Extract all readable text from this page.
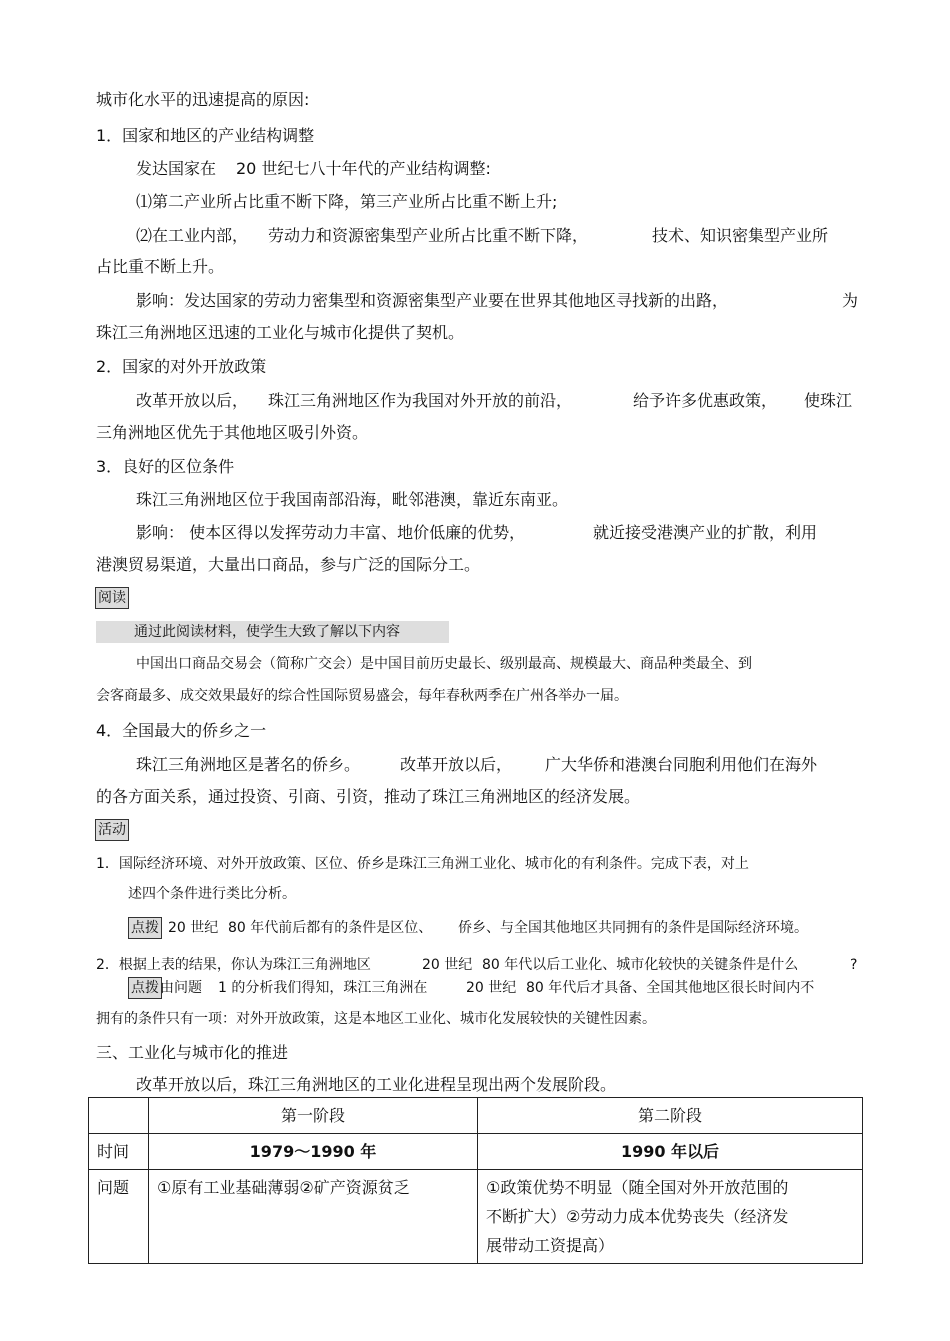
城市化水平的迅速提高的原因:
1．国家和地区的产业结构调整
发达国家在 20 世纪七八十年代的产业结构调整:
⑴第二产业所占比重不断下降，第三产业所占比重不断上升;
⑵在工业内部， 劳动力和资源密集型产业所占比重不断下降，	技术、知识密集型产业所
占比重不断上升。
影响：发达国家的劳动力密集型和资源密集型产业要在世界其他地区寻找新的出路，	为
珠江三角洲地区迅速的工业化与城市化提供了契机。
2．国家的对外开放政策
改革开放以后， 珠江三角洲地区作为我国对外开放的前沿，	给予许多优惠政策， 使珠江
三角洲地区优先于其他地区吸引外资。
3．良好的区位条件
珠江三角洲地区位于我国南部沿海，毗邻港澳，靠近东南亚。
影响： 使本区得以发挥劳动力丰富、地价低廉的优势，	就近接受港澳产业的扩散，利用
港澳贸易渠道，大量出口商品，参与广泛的国际分工。
阅读
通过此阅读材料，使学生大致了解以下内容
中国出口商品交易会（简称广交会）是中国目前历史最长、级别最高、规模最大、商品种类最全、到
会客商最多、成交效果最好的综合性国际贸易盛会，每年春秋两季在广州各举办一届。
4．全国最大的侨乡之一
珠江三角洲地区是著名的侨乡。 改革开放以后， 广大华侨和港澳台同胞利用他们在海外
的各方面关系，通过投资、引商、引资，推动了珠江三角洲地区的经济发展。
活动
1．国际经济环境、对外开放政策、区位、侨乡是珠江三角洲工业化、城市化的有利条件。完成下表，对上
述四个条件进行类比分析。
点拨 20 世纪 80 年代前后都有的条件是区位、 侨乡、与全国其他地区共同拥有的条件是国际经济环境。
2．根据上表的结果，你认为珠江三角洲地区	20 世纪 80 年代以后工业化、城市化较快的关键条件是什么	?
点拨 由问题 1 的分析我们得知，珠江三角洲在	20 世纪 80 年代后才具备、全国其他地区很长时间内不
拥有的条件只有一项：对外开放政策，这是本地区工业化、城市化发展较快的关键性因素。
三、工业化与城市化的推进
改革开放以后，珠江三角洲地区的工业化进程呈现出两个发展阶段。
	第一阶段	第二阶段
时间	1979～1990 年	1990 年以后
问题	①原有工业基础薄弱②矿产资源贫乏	①政策优势不明显（随全国对外开放范围的
不断扩大）②劳动力成本优势丧失（经济发
展带动工资提高）
